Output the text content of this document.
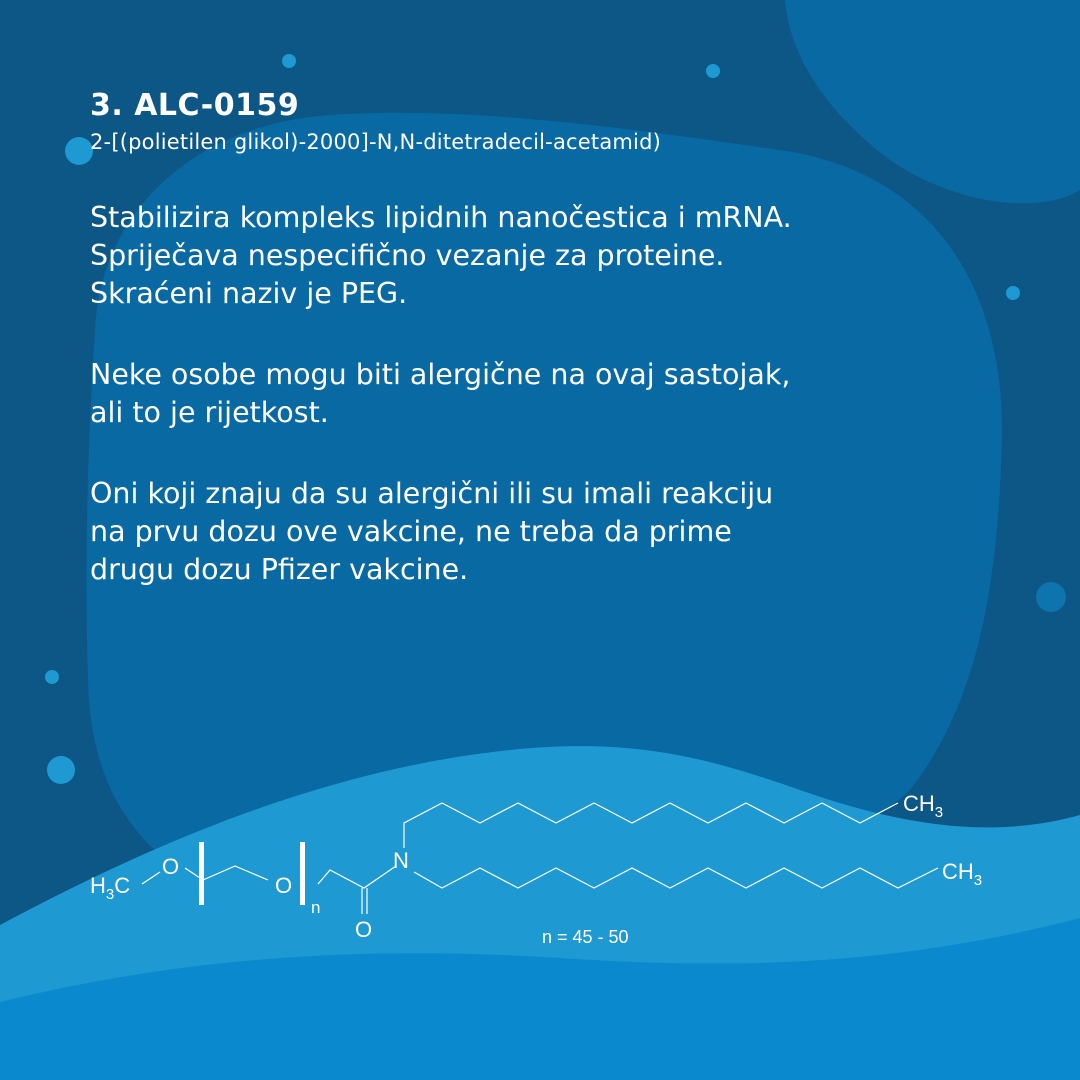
3. ALC-0159

2-[(polietilen glikol)-2000]-N,N-ditetradecil-acetamid)

Stabilizira kompleks lipidnih nanočestica i mRNA.
Spriječava nespecifično vezanje za proteine.
Skraćeni naziv je PEG.

Neke osobe mogu biti alergične na ovaj sastojak,
ali to je rijetkost.

Oni koji znaju da su alergični ili su imali reakciju
na prvu dozu ove vakcine, ne treba da prime
drugu dozu Pfizer vakcine.

$H_3C$
O
O
n
N
O
$CH_3$
$CH_3$
n = 45 - 50
